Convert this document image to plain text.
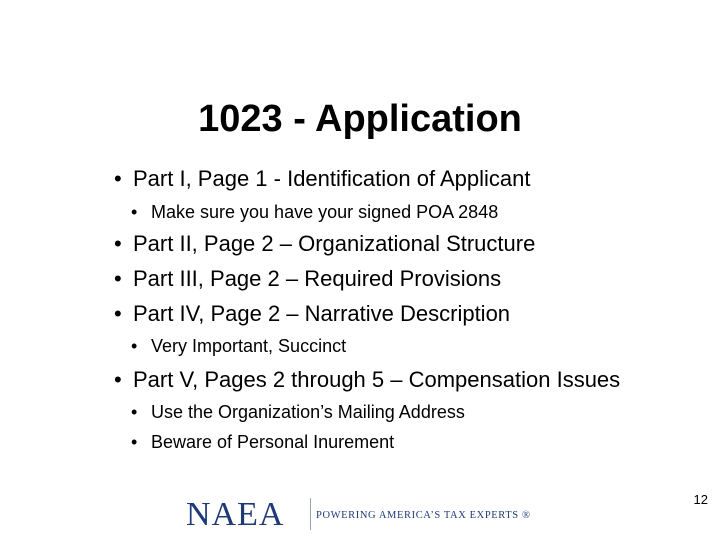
1023 - Application
• Part I, Page 1 - Identification of Applicant
• Make sure you have your signed POA 2848
• Part II, Page 2 – Organizational Structure
• Part III, Page 2 – Required Provisions
• Part IV, Page 2 – Narrative Description
• Very Important, Succinct
• Part V, Pages 2 through 5 – Compensation Issues
• Use the Organization’s Mailing Address
• Beware of Personal Inurement
NAEA	POWERING AMERICA’S TAX EXPERTS ®
12
